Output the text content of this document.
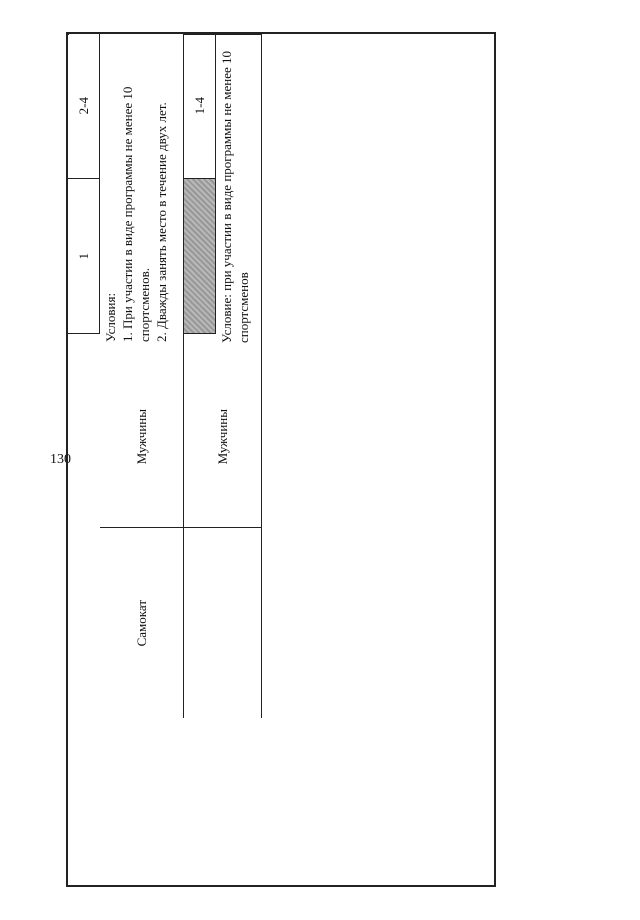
130
2-4
1

Условия: 1. При участии в виде программы не менее 10 спортсменов. 2. Дважды занять место в течение двух лет.

Мужчины
Самокат
1-4 Условие: при участии в виде программы не менее 10 спортсменов
Мужчины
